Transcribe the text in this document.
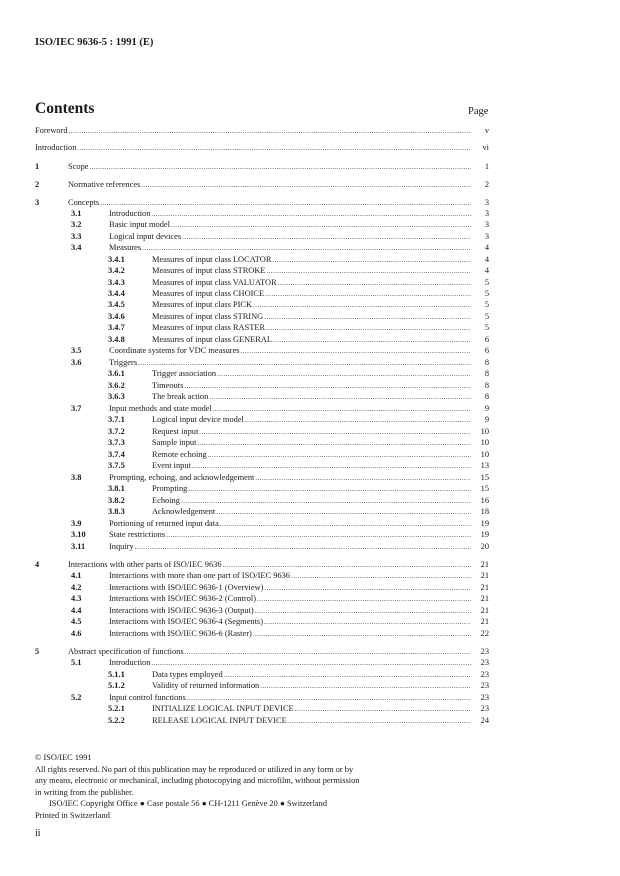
ISO/IEC 9636-5 : 1991 (E)
Contents	Page
Foreword .....	v
Introduction .....	vi
1	Scope .....	1
2	Normative references .....	2
3	Concepts .....	3
3.1	Introduction .....	3
3.2	Basic input model .....	3
3.3	Logical input devices .....	3
3.4	Measures .....	4
3.4.1	Measures of input class LOCATOR .....	4
3.4.2	Measures of input class STROKE .....	4
3.4.3	Measures of input class VALUATOR .....	5
3.4.4	Measures of input class CHOICE .....	5
3.4.5	Measures of input class PICK .....	5
3.4.6	Measures of input class STRING .....	5
3.4.7	Measures of input class RASTER .....	5
3.4.8	Measures of input class GENERAL .....	6
3.5	Coordinate systems for VDC measures .....	6
3.6	Triggers .....	8
3.6.1	Trigger association .....	8
3.6.2	Timeouts .....	8
3.6.3	The break action .....	8
3.7	Input methods and state model .....	9
3.7.1	Logical input device model .....	9
3.7.2	Request input .....	10
3.7.3	Sample input .....	10
3.7.4	Remote echoing .....	10
3.7.5	Event input .....	13
3.8	Prompting, echoing, and acknowledgement .....	15
3.8.1	Prompting .....	15
3.8.2	Echoing .....	16
3.8.3	Acknowledgement .....	18
3.9	Portioning of returned input data .....	19
3.10	State restrictions .....	19
3.11	Inquiry .....	20
4	Interactions with other parts of ISO/IEC 9636 .....	21
4.1	Interactions with more than one part of ISO/IEC 9636 .....	21
4.2	Interactions with ISO/IEC 9636-1 (Overview) .....	21
4.3	Interactions with ISO/IEC 9636-2 (Control) .....	21
4.4	Interactions with ISO/IEC 9636-3 (Output) .....	21
4.5	Interactions with ISO/IEC 9636-4 (Segments) .....	21
4.6	Interactions with ISO/IEC 9636-6 (Raster) .....	22
5	Abstract specification of functions .....	23
5.1	Introduction .....	23
5.1.1	Data types employed .....	23
5.1.2	Validity of returned information .....	23
5.2	Input control functions .....	23
5.2.1	INITIALIZE LOGICAL INPUT DEVICE .....	23
5.2.2	RELEASE LOGICAL INPUT DEVICE .....	24
© ISO/IEC 1991
All rights reserved. No part of this publication may be reproduced or utilized in any form or by
any means, electronic or mechanical, including photocopying and microfilm, without permission
in writing from the publisher.
ISO/IEC Copyright Office ● Case postale 56 ● CH-1211 Genève 20 ● Switzerland
Printed in Switzerland
ii
